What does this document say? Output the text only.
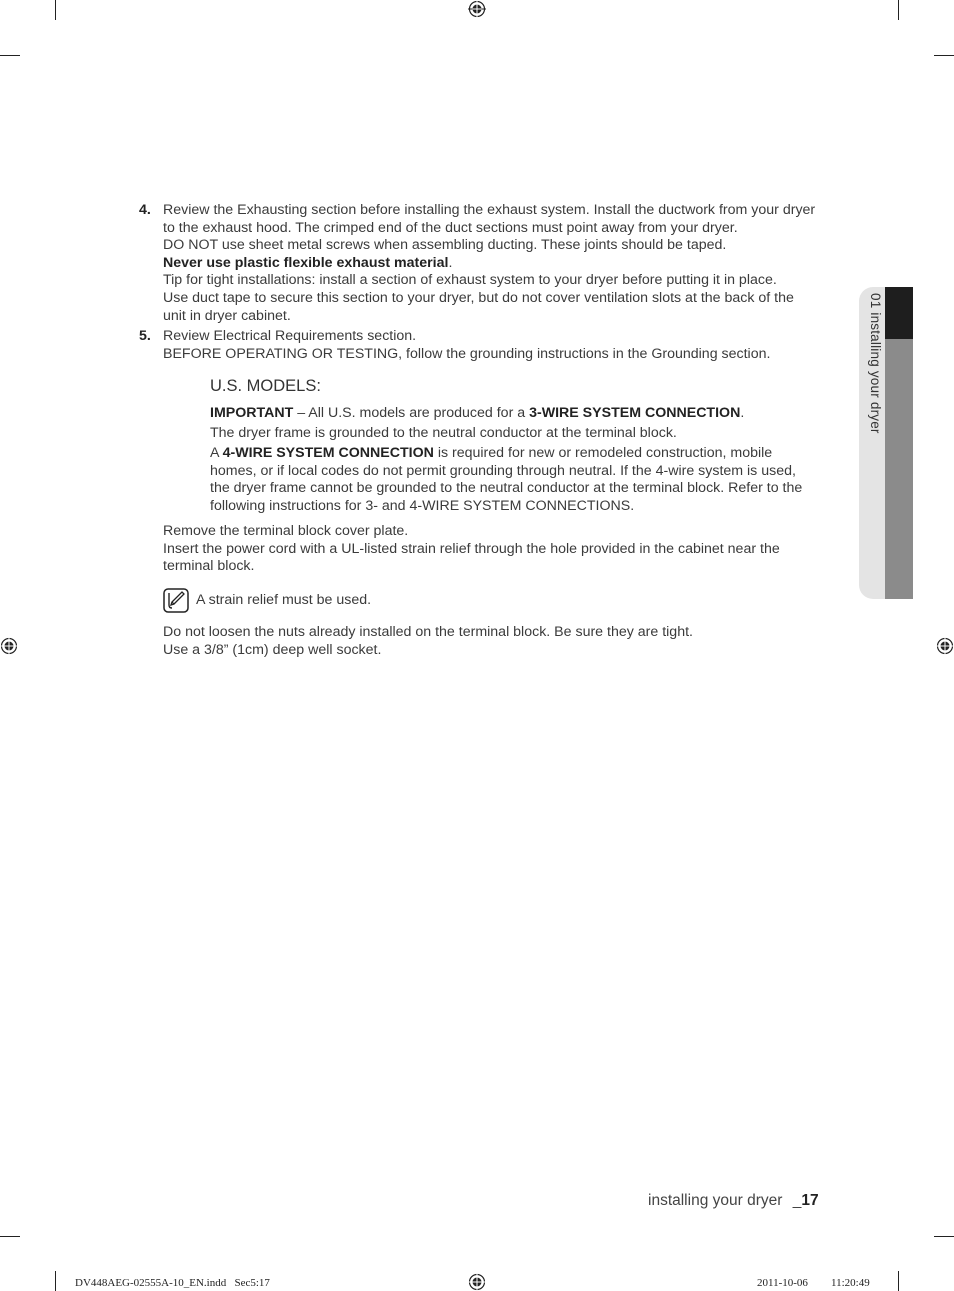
4. Review the Exhausting section before installing the exhaust system. Install the ductwork from your dryer

to the exhaust hood. The crimped end of the duct sections must point away from your dryer.

DO NOT use sheet metal screws when assembling ducting. These joints should be taped.

Never use plastic flexible exhaust material.

Tip for tight installations: install a section of exhaust system to your dryer before putting it in place.

Use duct tape to secure this section to your dryer, but do not cover ventilation slots at the back of the

unit in dryer cabinet.

5. Review Electrical Requirements section.

BEFORE OPERATING OR TESTING, follow the grounding instructions in the Grounding section.

U.S. MODELS:

IMPORTANT – All U.S. models are produced for a 3-WIRE SYSTEM CONNECTION.

The dryer frame is grounded to the neutral conductor at the terminal block.

A 4-WIRE SYSTEM CONNECTION is required for new or remodeled construction, mobile

homes, or if local codes do not permit grounding through neutral. If the 4-wire system is used,

the dryer frame cannot be grounded to the neutral conductor at the terminal block. Refer to the

following instructions for 3- and 4-WIRE SYSTEM CONNECTIONS.

Remove the terminal block cover plate.

Insert the power cord with a UL-listed strain relief through the hole provided in the cabinet near the

terminal block.

A strain relief must be used.

Do not loosen the nuts already installed on the terminal block. Be sure they are tight.

Use a 3/8” (1cm) deep well socket.

01 installing your dryer
installing your dryer _17
DV448AEG-02555A-10_EN.indd   Sec5:17	2011-10-06 11:20:49
